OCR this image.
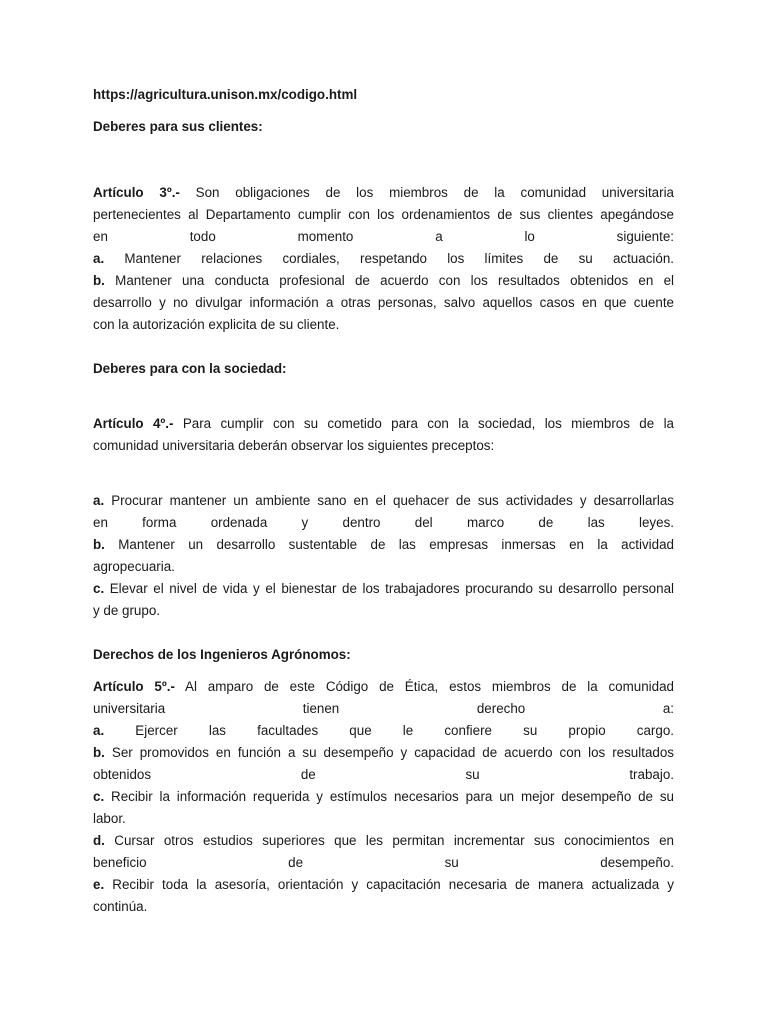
https://agricultura.unison.mx/codigo.html
Deberes para sus clientes:
Artículo 3º.- Son obligaciones de los miembros de la comunidad universitaria
pertenecientes al Departamento cumplir con los ordenamientos de sus clientes apegándose
en todo momento a lo siguiente:
a. Mantener relaciones cordiales, respetando los límites de su actuación.
b. Mantener una conducta profesional de acuerdo con los resultados obtenidos en el
desarrollo y no divulgar información a otras personas, salvo aquellos casos en que cuente
con la autorización explicita de su cliente.
Deberes para con la sociedad:
Artículo 4º.- Para cumplir con su cometido para con la sociedad, los miembros de la
comunidad universitaria deberán observar los siguientes preceptos:
a. Procurar mantener un ambiente sano en el quehacer de sus actividades y desarrollarlas
en forma ordenada y dentro del marco de las leyes.
b. Mantener un desarrollo sustentable de las empresas inmersas en la actividad
agropecuaria.
c. Elevar el nivel de vida y el bienestar de los trabajadores procurando su desarrollo personal
y de grupo.
Derechos de los Ingenieros Agrónomos:
Artículo 5º.- Al amparo de este Código de Ética, estos miembros de la comunidad
universitaria tienen derecho a:
a. Ejercer las facultades que le confiere su propio cargo.
b. Ser promovidos en función a su desempeño y capacidad de acuerdo con los resultados
obtenidos de su trabajo.
c. Recibir la información requerida y estímulos necesarios para un mejor desempeño de su
labor.
d. Cursar otros estudios superiores que les permitan incrementar sus conocimientos en
beneficio de su desempeño.
e. Recibir toda la asesoría, orientación y capacitación necesaria de manera actualizada y
continúa.
